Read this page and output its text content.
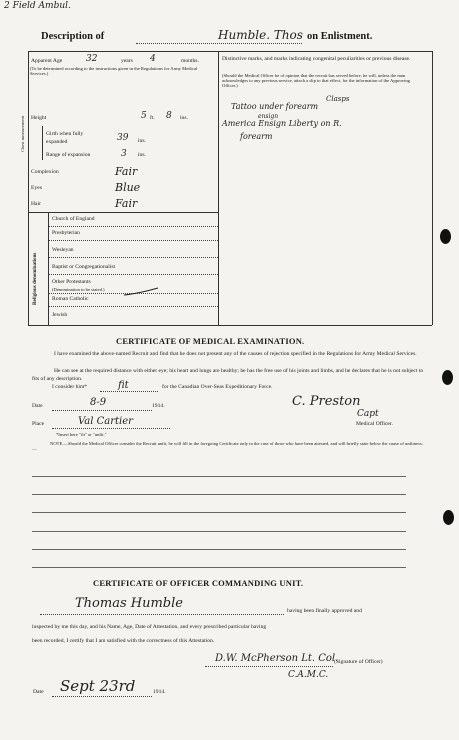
2 Field Ambul.
Description of	Humble. Thos on Enlistment.
Apparent Age	32	years 4	months.
(To be determined according to the instructions given in the Regulations for Army Medical Services.)
Height	5 ft. 8 ins.
Chest measurement	Girth when fully expanded	39 ins.
Range of expansion	3 ins.
Complexion	Fair
Eyes	Blue
Hair	Fair
Religious denominations
Church of England
Presbyterian
Wesleyan
Baptist or Congregationalist
Other Protestants
(Denomination to be stated.)
Roman Catholic
Jewish
Distinctive marks, and marks indicating congenital peculiarities or previous disease.
(Should the Medical Officer be of opinion that the recruit has served before, he will, unless the man acknowledges to any previous service, attach a slip to that effect, for the information of the Approving Officer.)
Clasps
Tattoo under forearm
ensign
America Ensign Liberty on R.
forearm
CERTIFICATE OF MEDICAL EXAMINATION.
I have examined the above-named Recruit and find that he does not present any of the causes of rejection specified in the Regulations for Army Medical Services.
He can see at the required distance with either eye; his heart and lungs are healthy; he has the free use of his joints and limbs, and he declares that he is not subject to fits of any description.
I consider him*	fit	for the Canadian Over-Seas Expeditionary Force.
Date	8-9	1914.	C. Preston
Capt
Place	Val Cartier	Medical Officer.
*Insert here "fit" or "unfit."
NOTE.—Should the Medical Officer consider the Recruit unfit, he will fill in the foregoing Certificate only in the case of those who have been attested, and will briefly state below the cause of unfitness:—
CERTIFICATE OF OFFICER COMMANDING UNIT.
Thomas Humble	having been finally approved and
inspected by me this day, and his Name, Age, Date of Attestation, and every prescribed particular having
been recorded, I certify that I am satisfied with the correctness of this Attestation.
D.W. McPherson Lt. Col.
(Signature of Officer)
C.A.M.C.
Date Sept 23rd	1914.
